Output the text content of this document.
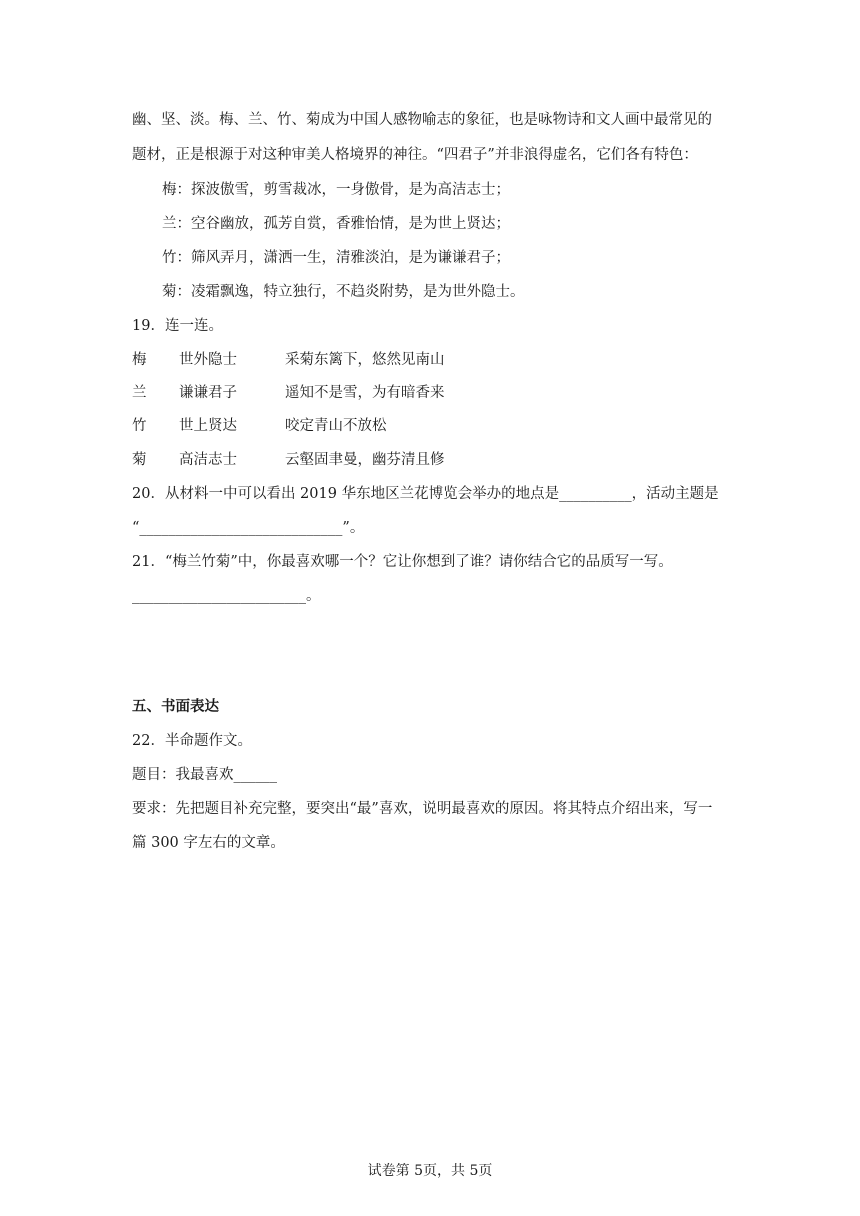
幽、坚、淡。梅、兰、竹、菊成为中国人感物喻志的象征，也是咏物诗和文人画中最常见的
题材，正是根源于对这种审美人格境界的神往。“四君子”并非浪得虚名，它们各有特色：
梅：探波傲雪，剪雪裁冰，一身傲骨，是为高洁志士；
兰：空谷幽放，孤芳自赏，香雅怡情，是为世上贤达；
竹：筛风弄月，潇洒一生，清雅淡泊，是为谦谦君子；
菊：凌霜飘逸，特立独行，不趋炎附势，是为世外隐士。
19．连一连。
梅 世外隐士	采菊东篱下，悠然见南山
兰 谦谦君子	遥知不是雪，为有暗香来
竹 世上贤达	咬定青山不放松
菊 高洁志士	云壑固聿曼，幽芬清且修
20．从材料一中可以看出 2019 华东地区兰花博览会举办的地点是__________，活动主题是
“____________________________”。
21．“梅兰竹菊”中，你最喜欢哪一个？它让你想到了谁？请你结合它的品质写一写。
________________________。
五、书面表达
22．半命题作文。
题目：我最喜欢______
要求：先把题目补充完整，要突出“最”喜欢，说明最喜欢的原因。将其特点介绍出来，写一
篇 300 字左右的文章。
试卷第 5页，共 5页
